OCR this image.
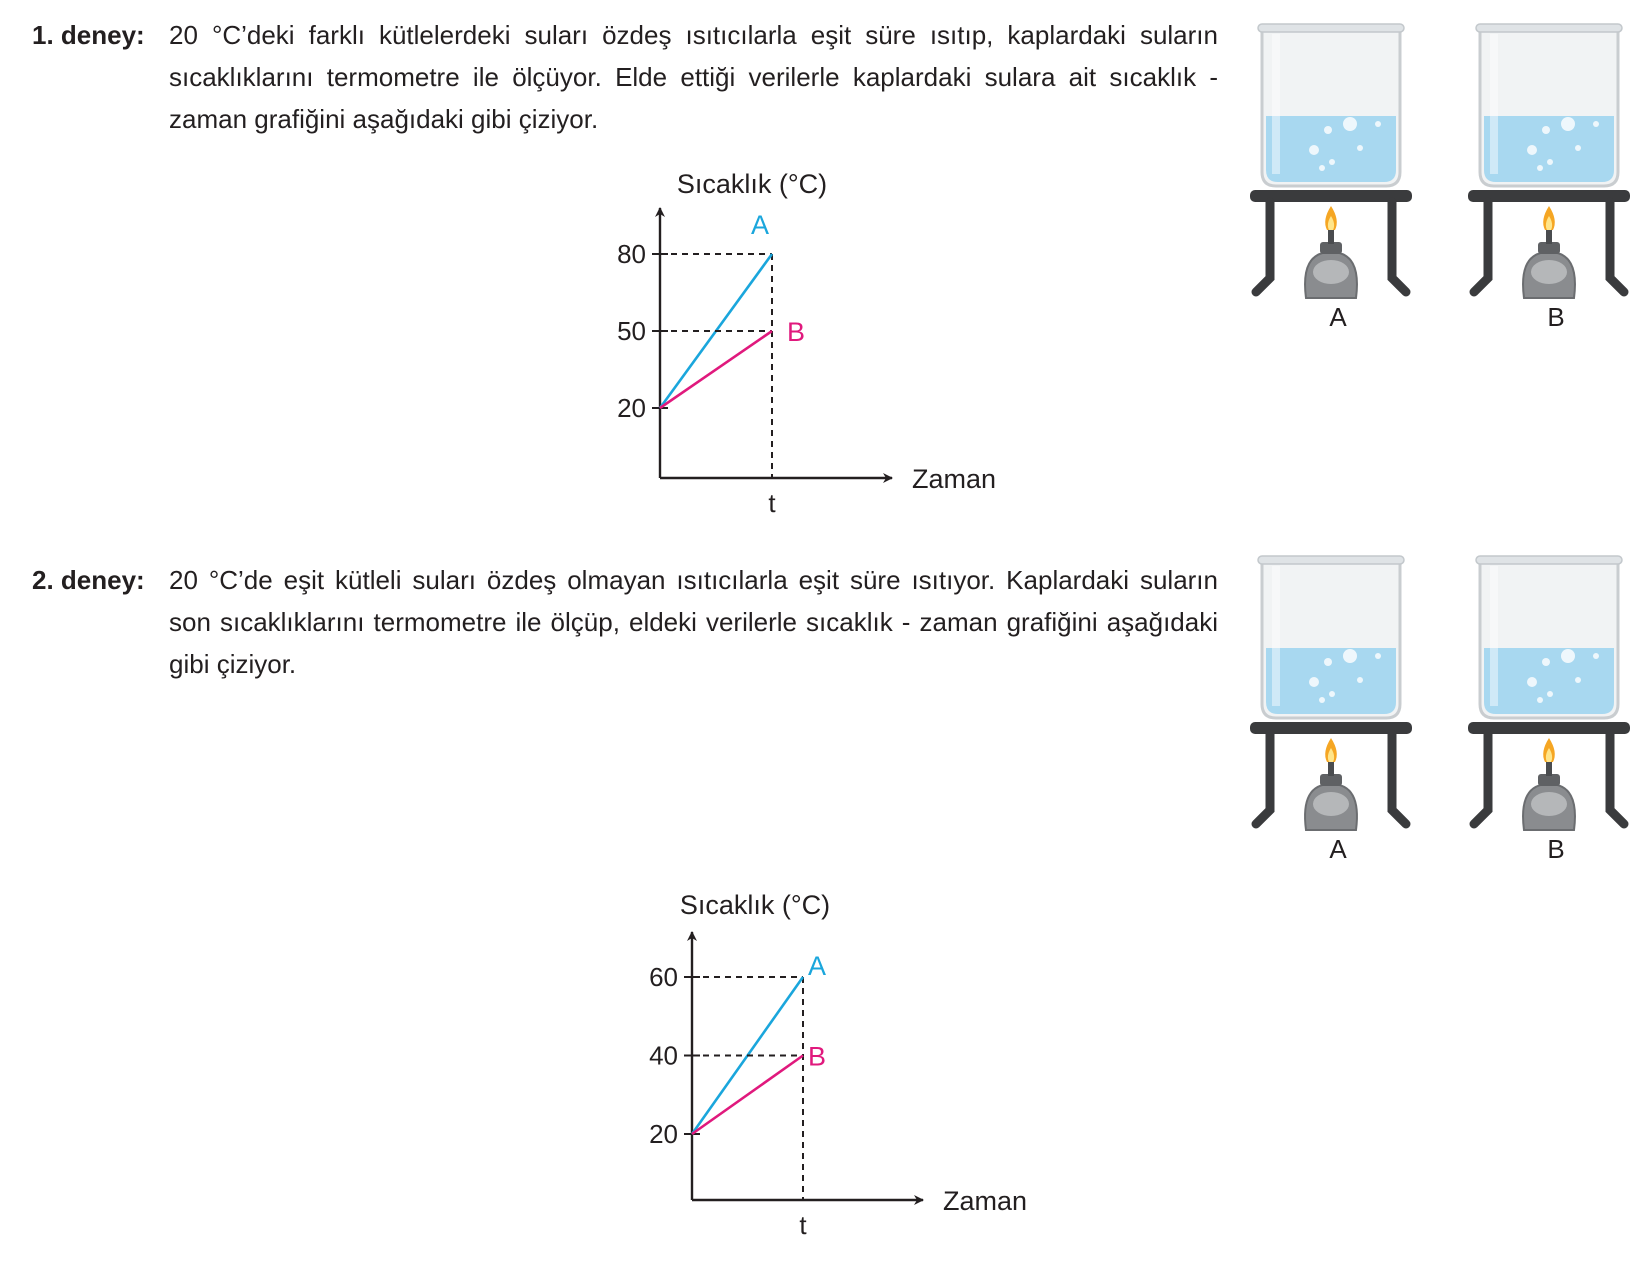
1. deney: 20 °C’deki farklı kütlelerdeki suları özdeş ısıtıcılarla eşit süre ısıtıp, kaplardaki suların sıcaklıklarını termometre ile ölçüyor. Elde ettiği verilerle kaplardaki sulara ait sıcaklık - zaman grafiğini aşağıdaki gibi çiziyor.
2. deney: 20 °C’de eşit kütleli suları özdeş olmayan ısıtıcılarla eşit süre ısıtıyor. Kaplardaki suların son sıcaklıklarını termometre ile ölçüp, eldeki verilerle sıcaklık - zaman grafiğini aşağıdaki gibi çiziyor.
Sıcaklık (°C)
Zaman
20
50
80
t
A
B
Sıcaklık (°C)
Zaman
20
40
60
t
A
B
A	B
A	B
